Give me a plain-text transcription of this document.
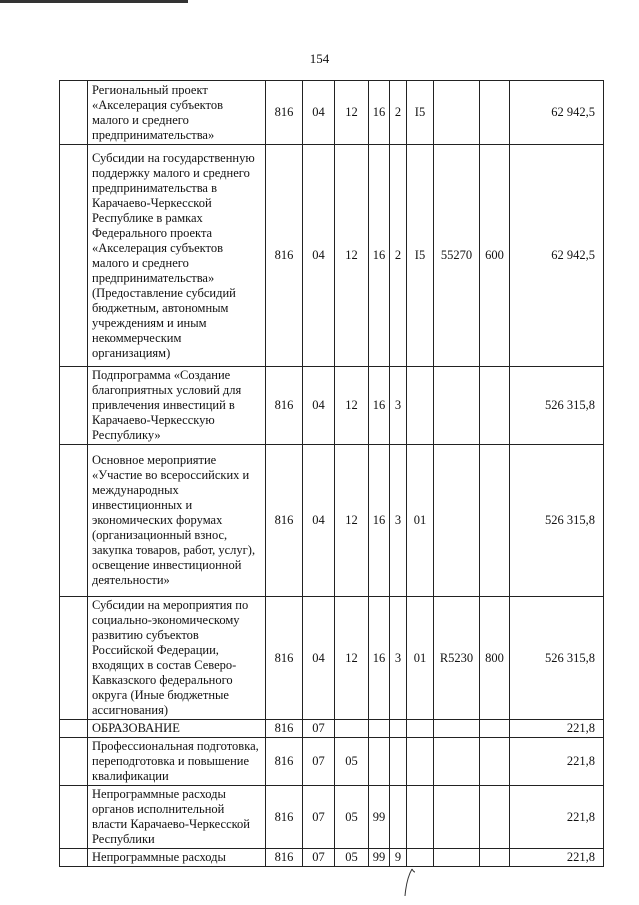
154
	Региональный проект «Акселерация субъектов малого и среднего предпринимательства»	816	04	12	16	2	I5			62 942,5
	Субсидии на государственную поддержку малого и среднего предпринимательства в Карачаево-Черкесской Республике в рамках Федерального проекта «Акселерация субъектов малого и среднего предпринимательства» (Предоставление субсидий бюджетным, автономным учреждениям и иным некоммерческим организациям)	816	04	12	16	2	I5	55270	600	62 942,5
	Подпрограмма «Создание благоприятных условий для привлечения инвестиций в Карачаево-Черкесскую Республику»	816	04	12	16	3				526 315,8
	Основное мероприятие «Участие во всероссийских и международных инвестиционных и экономических форумах (организационный взнос, закупка товаров, работ, услуг), освещение инвестиционной деятельности»	816	04	12	16	3	01			526 315,8
	Субсидии на мероприятия по социально-экономическому развитию субъектов Российской Федерации, входящих в состав Северо-Кавказского федерального округа (Иные бюджетные ассигнования)	816	04	12	16	3	01	R5230	800	526 315,8
	ОБРАЗОВАНИЕ	816	07							221,8
	Профессиональная подготовка, переподготовка и повышение квалификации	816	07	05						221,8
	Непрограммные расходы органов исполнительной власти Карачаево-Черкесской Республики	816	07	05	99					221,8
	Непрограммные расходы	816	07	05	99	9				221,8
